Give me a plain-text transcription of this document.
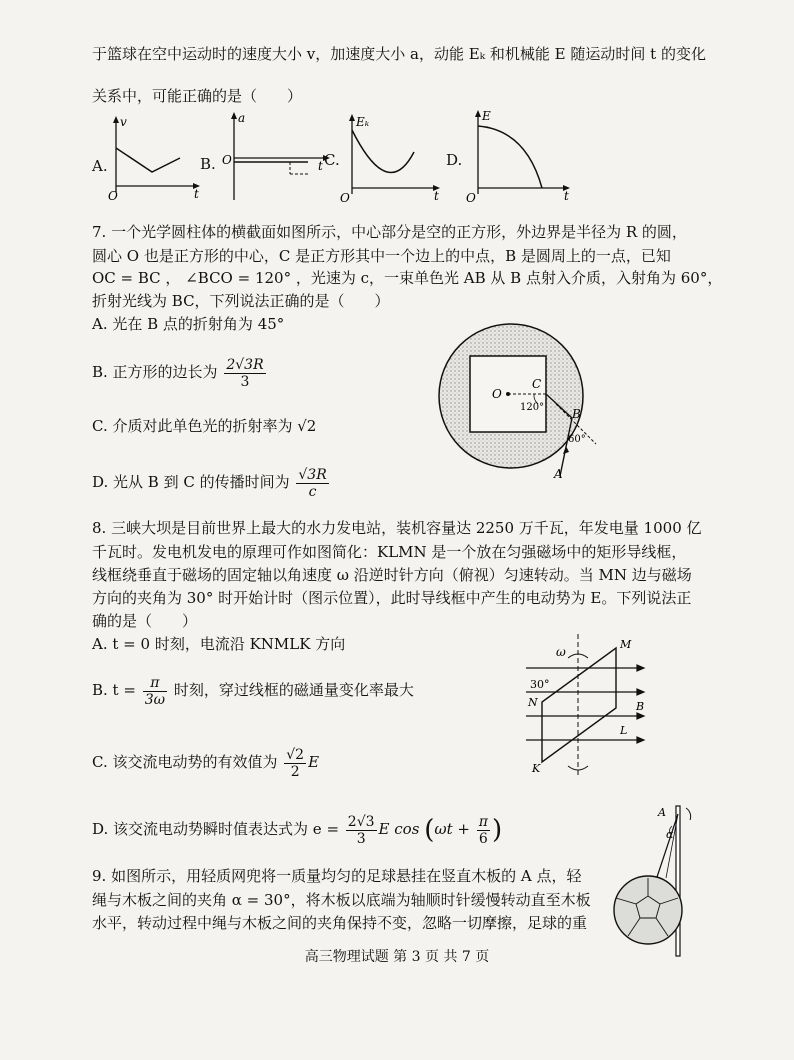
于篮球在空中运动时的速度大小 v，加速度大小 a，动能 Eₖ 和机械能 E 随运动时间 t 的变化
关系中，可能正确的是（　　）
A.
v
t
O
B.
a
O	t C.
Eₖ
t
O
D.
E
t
O
7. 一个光学圆柱体的横截面如图所示，中心部分是空的正方形，外边界是半径为 R 的圆，
圆心 O 也是正方形的中心，C 是正方形其中一个边上的中点，B 是圆周上的一点，已知
OC = BC ， ∠BCO = 120° ，光速为 c，一束单色光 AB 从 B 点射入介质，入射角为 60°，
折射光线为 BC，下列说法正确的是（　　）
A. 光在 B 点的折射角为 45°
B. 正方形的边长为 $\frac{2√3R}{3}$
C. 介质对此单色光的折射率为 √2
D. 光从 B 到 C 的传播时间为 $\frac{√3R}{c}$
O
C
B
A
120°
60°
8. 三峡大坝是目前世界上最大的水力发电站，装机容量达 2250 万千瓦，年发电量 1000 亿
千瓦时。发电机发电的原理可作如图简化：KLMN 是一个放在匀强磁场中的矩形导线框，
线框绕垂直于磁场的固定轴以角速度 ω 沿逆时针方向（俯视）匀速转动。当 MN 边与磁场
方向的夹角为 30° 时开始计时（图示位置），此时导线框中产生的电动势为 E。下列说法正
确的是（　　）
A. t = 0 时刻，电流沿 KNMLK 方向
B. $t = \frac{\pi}{3\omega}$ 时刻，穿过线框的磁通量变化率最大
C. 该交流电动势的有效值为 $\frac{√2}{2}$ E
D. 该交流电动势瞬时值表达式为 $e = \frac{2√3}{3}$ E $\cos (\omega t + \frac{\pi}{6}$ )
ω
30°
M
N	B
L
K
9. 如图所示，用轻质网兜将一质量均匀的足球悬挂在竖直木板的 A 点，轻
绳与木板之间的夹角 α = 30°，将木板以底端为轴顺时针缓慢转动直至木板
水平，转动过程中绳与木板之间的夹角保持不变，忽略一切摩擦，足球的重
A
α
高三物理试题 第 3 页 共 7 页
